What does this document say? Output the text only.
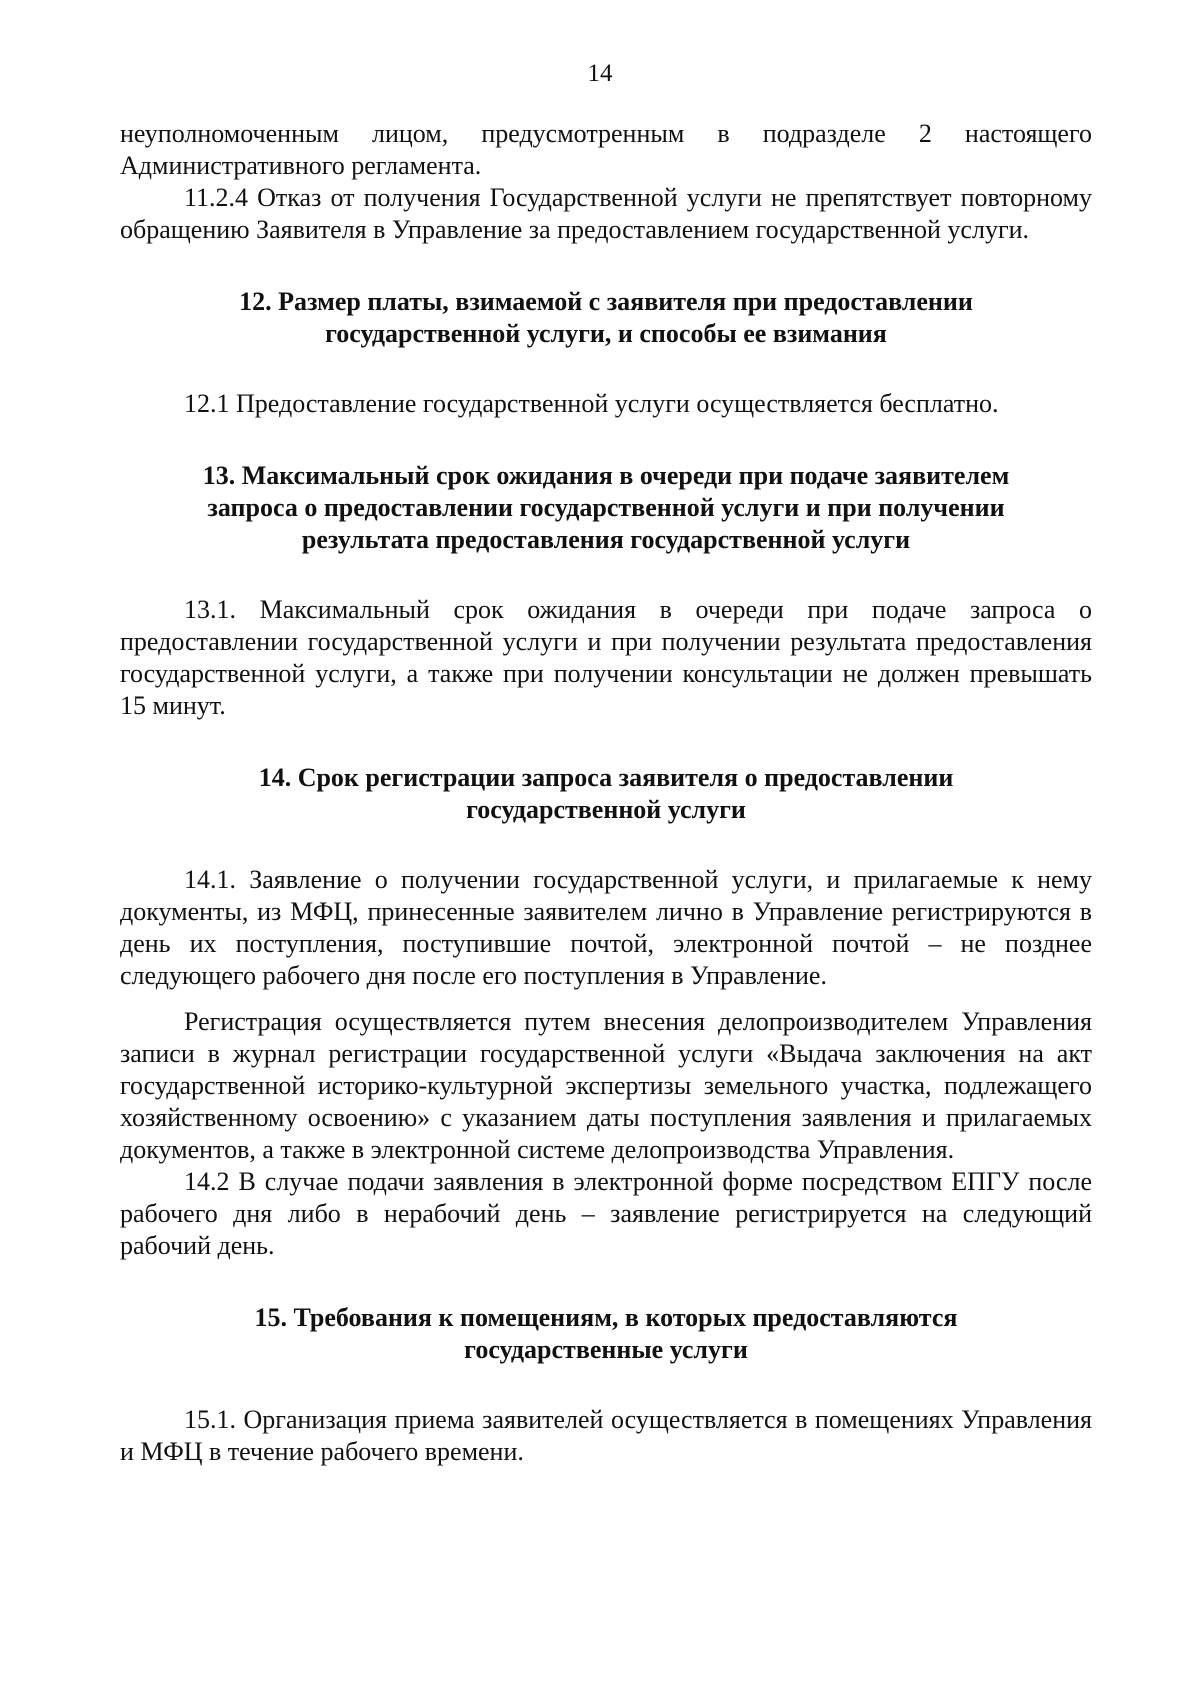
14

неуполномоченным лицом, предусмотренным в подразделе 2 настоящего Административного регламента.

11.2.4 Отказ от получения Государственной услуги не препятствует повторному обращению Заявителя в Управление за предоставлением государственной услуги.

12. Размер платы, взимаемой с заявителя при предоставлении
государственной услуги, и способы ее взимания

12.1 Предоставление государственной услуги осуществляется бесплатно.

13. Максимальный срок ожидания в очереди при подаче заявителем
запроса о предоставлении государственной услуги и при получении
результата предоставления государственной услуги

13.1. Максимальный срок ожидания в очереди при подаче запроса о предоставлении государственной услуги и при получении результата предоставления государственной услуги, а также при получении консультации не должен превышать 15 минут.

14. Срок регистрации запроса заявителя о предоставлении
государственной услуги

14.1. Заявление о получении государственной услуги, и прилагаемые к нему документы, из МФЦ, принесенные заявителем лично в Управление регистрируются в день их поступления, поступившие почтой, электронной почтой – не позднее следующего рабочего дня после его поступления в Управление.

Регистрация осуществляется путем внесения делопроизводителем Управления записи в журнал регистрации государственной услуги «Выдача заключения на акт государственной историко-культурной экспертизы земельного участка, подлежащего хозяйственному освоению» с указанием даты поступления заявления и прилагаемых документов, а также в электронной системе делопроизводства Управления.

14.2 В случае подачи заявления в электронной форме посредством ЕПГУ после рабочего дня либо в нерабочий день – заявление регистрируется на следующий рабочий день.

15. Требования к помещениям, в которых предоставляются
государственные услуги

15.1. Организация приема заявителей осуществляется в помещениях Управления и МФЦ в течение рабочего времени.
